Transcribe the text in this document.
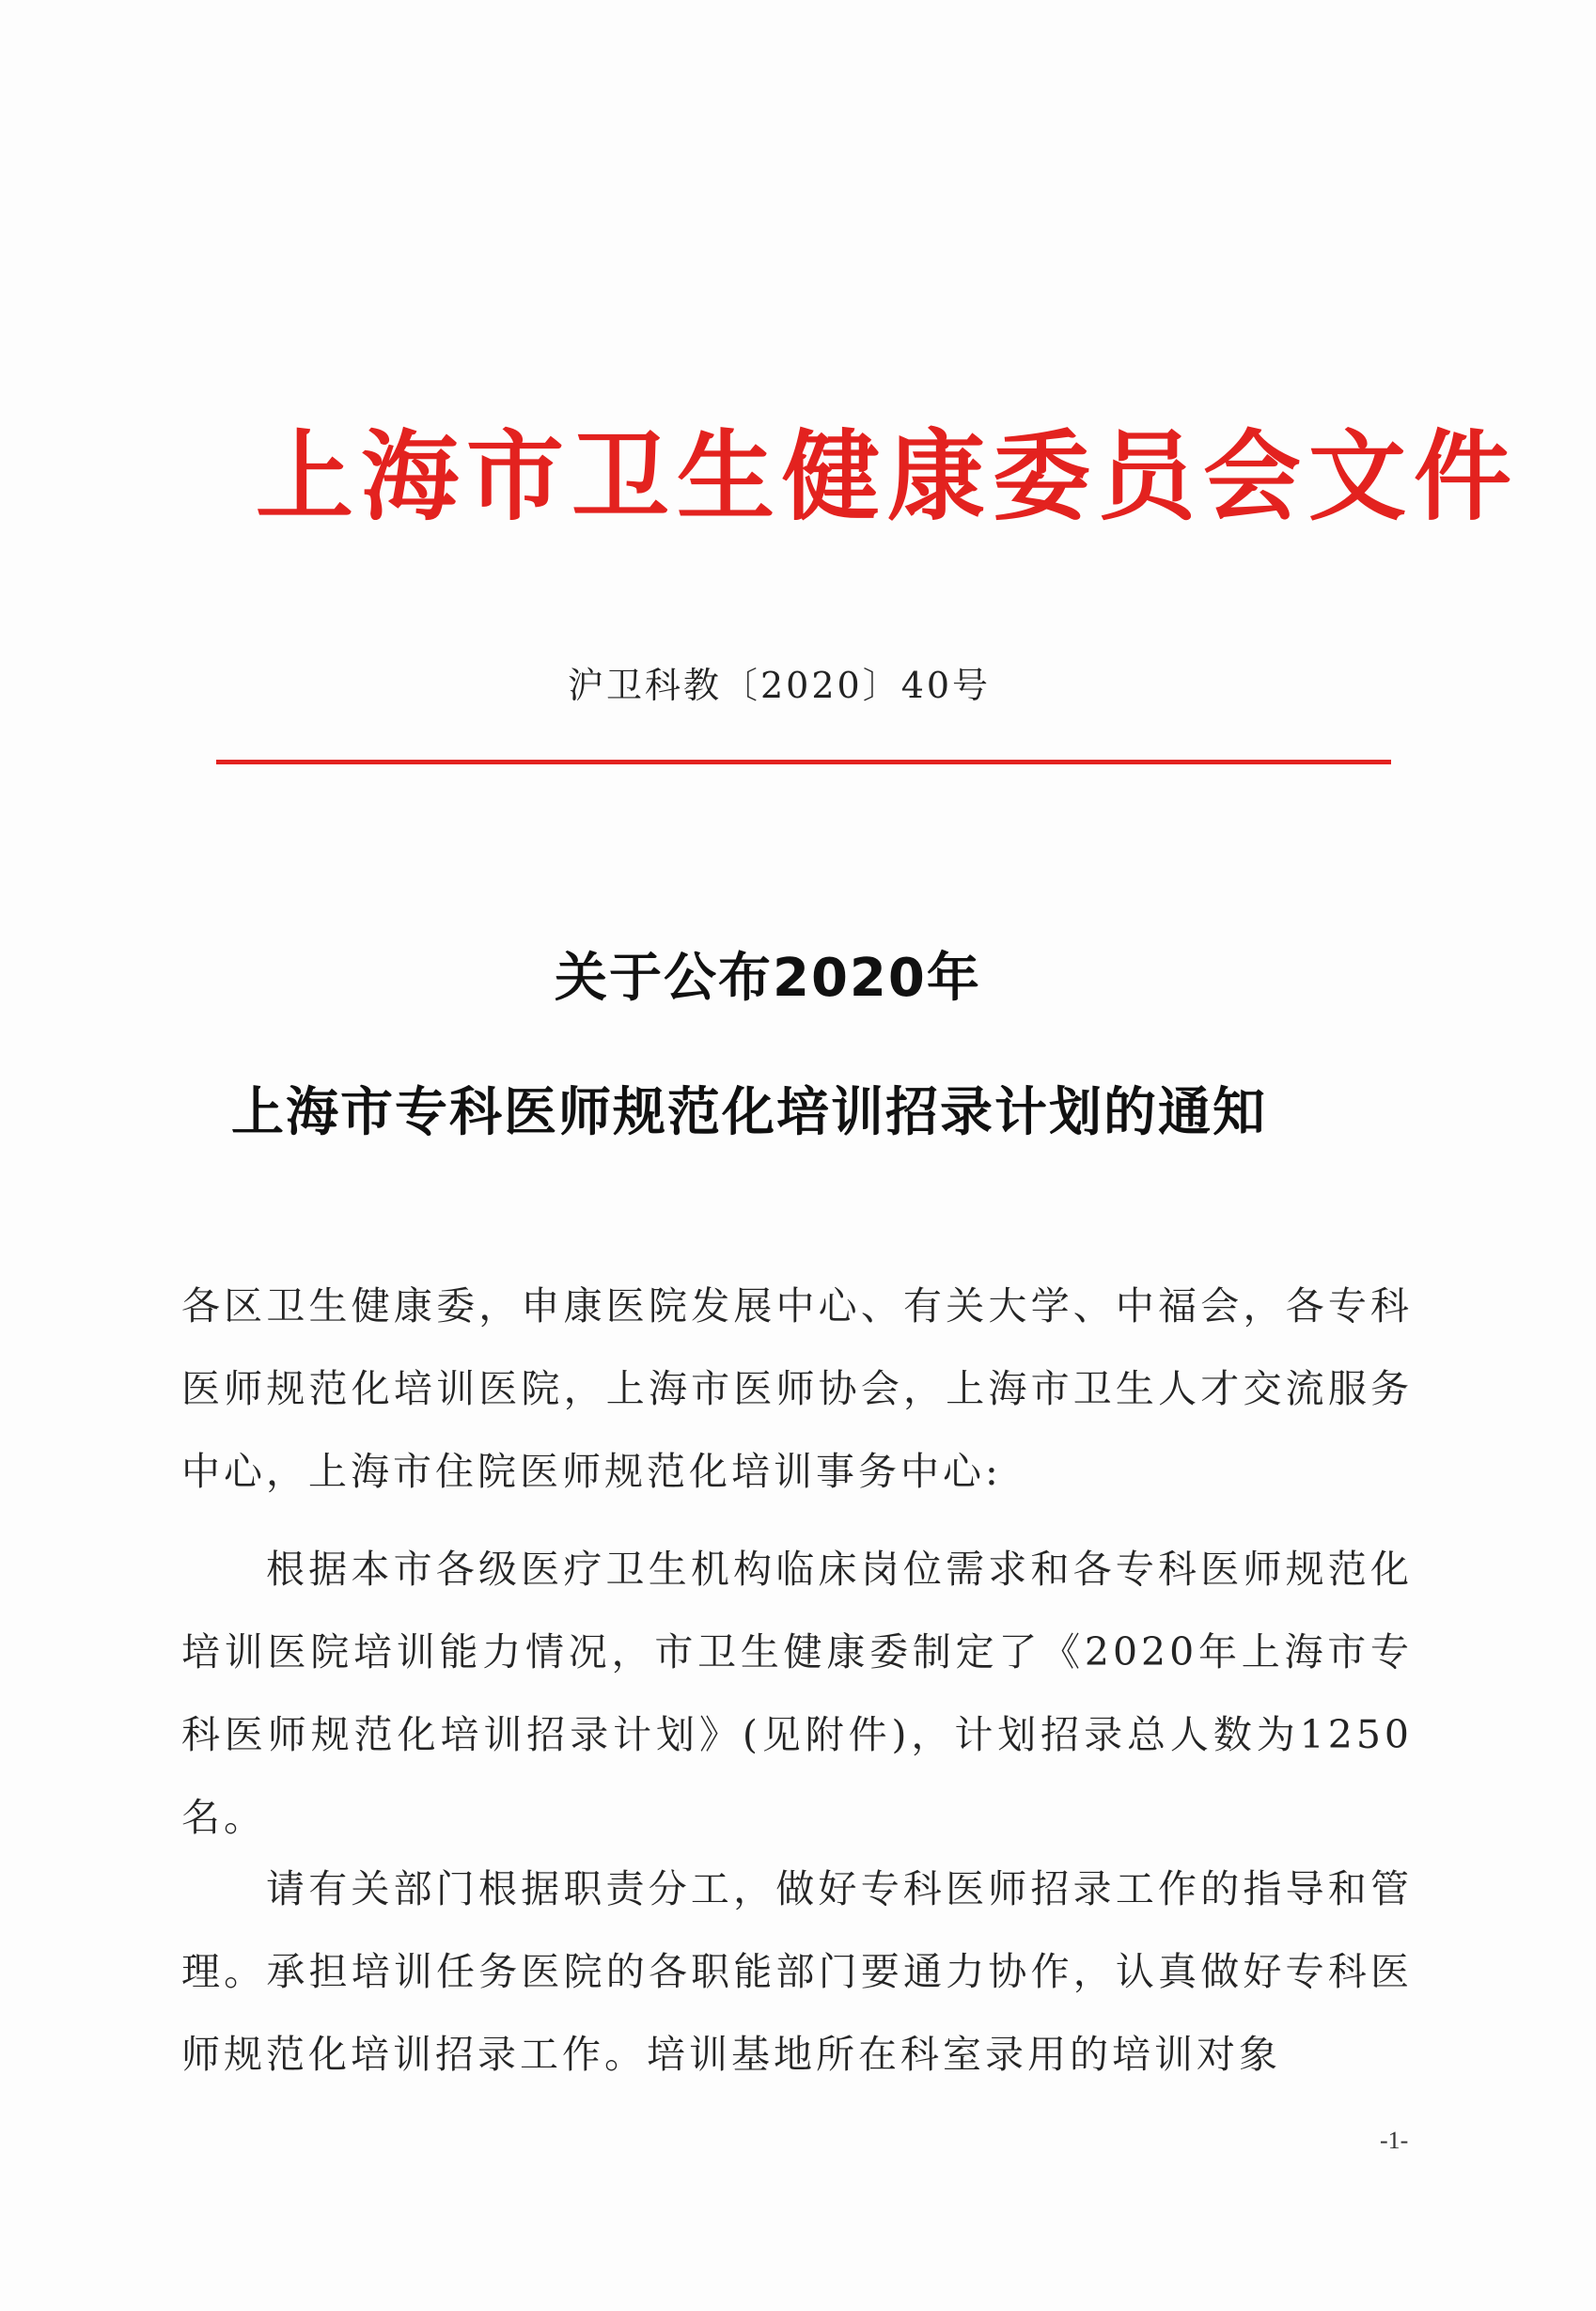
上海市卫生健康委员会文件
沪卫科教〔2020〕40号
关于公布2020年
上海市专科医师规范化培训招录计划的通知

各区卫生健康委，申康医院发展中心、有关大学、中福会，各专科医师规范化培训医院，上海市医师协会，上海市卫生人才交流服务中心，上海市住院医师规范化培训事务中心:

根据本市各级医疗卫生机构临床岗位需求和各专科医师规范化培训医院培训能力情况，市卫生健康委制定了《2020年上海市专科医师规范化培训招录计划》(见附件)，计划招录总人数为1250名。

请有关部门根据职责分工，做好专科医师招录工作的指导和管理。承担培训任务医院的各职能部门要通力协作，认真做好专科医师规范化培训招录工作。培训基地所在科室录用的培训对象

-1-
